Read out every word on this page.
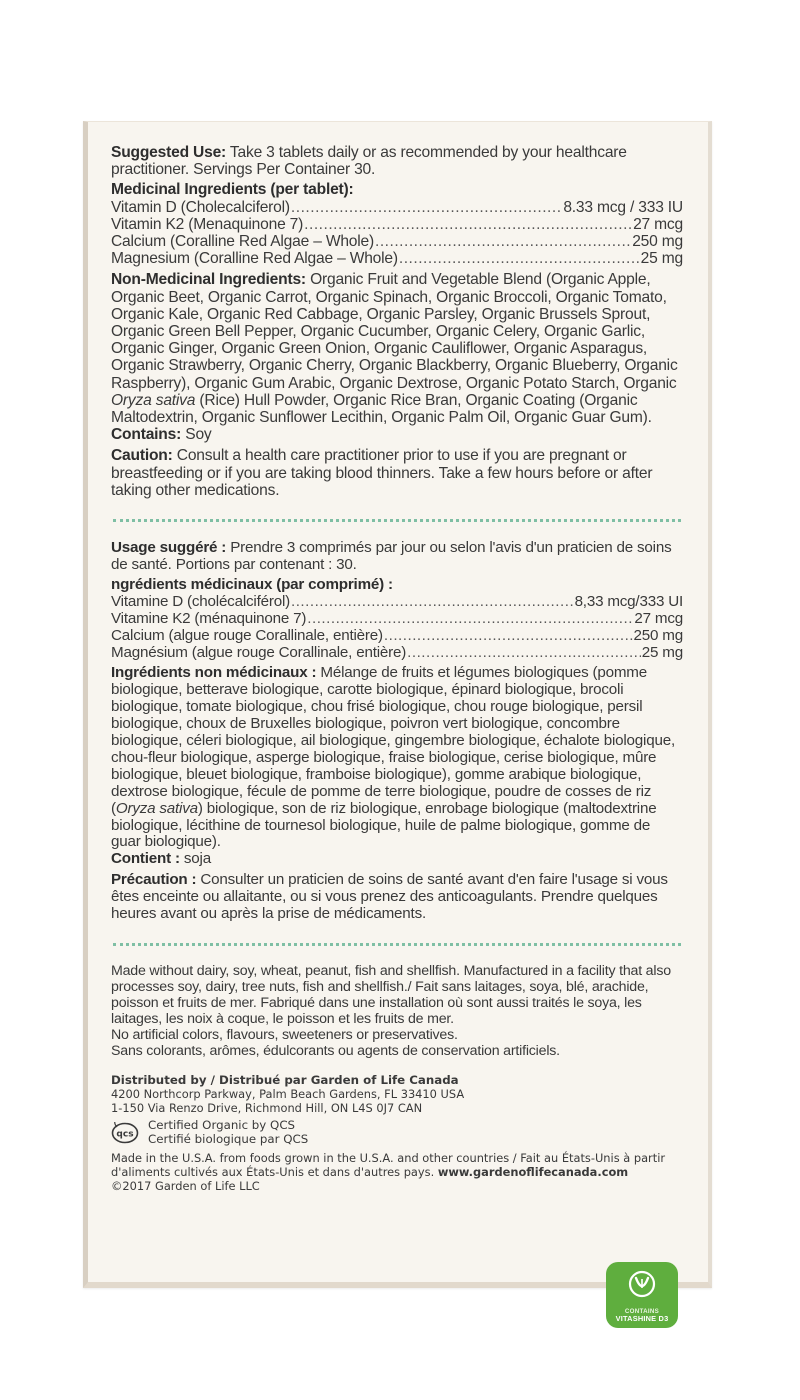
Suggested Use: Take 3 tablets daily or as recommended by your healthcare practitioner. Servings Per Container 30.

Medicinal Ingredients (per tablet):

Vitamin D (Cholecalciferol) .....	8.33 mcg / 333 IU
Vitamin K2 (Menaquinone 7) .....	27 mcg
Calcium (Coralline Red Algae – Whole) .....	250 mg
Magnesium (Coralline Red Algae – Whole) .....	25 mg

Non-Medicinal Ingredients: Organic Fruit and Vegetable Blend (Organic Apple, Organic Beet, Organic Carrot, Organic Spinach, Organic Broccoli, Organic Tomato, Organic Kale, Organic Red Cabbage, Organic Parsley, Organic Brussels Sprout, Organic Green Bell Pepper, Organic Cucumber, Organic Celery, Organic Garlic, Organic Ginger, Organic Green Onion, Organic Cauliflower, Organic Asparagus, Organic Strawberry, Organic Cherry, Organic Blackberry, Organic Blueberry, Organic Raspberry), Organic Gum Arabic, Organic Dextrose, Organic Potato Starch, Organic Oryza sativa (Rice) Hull Powder, Organic Rice Bran, Organic Coating (Organic Maltodextrin, Organic Sunflower Lecithin, Organic Palm Oil, Organic Guar Gum). Contains: Soy

Caution: Consult a health care practitioner prior to use if you are pregnant or breastfeeding or if you are taking blood thinners. Take a few hours before or after taking other medications.

Usage suggéré : Prendre 3 comprimés par jour ou selon l'avis d'un praticien de soins de santé. Portions par contenant : 30.

ngrédients médicinaux (par comprimé) :

Vitamine D (cholécalciférol) .....	8,33 mcg/333 UI
Vitamine K2 (ménaquinone 7) .....	27 mcg
Calcium (algue rouge Corallinale, entière) .....	250 mg
Magnésium (algue rouge Corallinale, entière) .....	25 mg

Ingrédients non médicinaux : Mélange de fruits et légumes biologiques (pomme biologique, betterave biologique, carotte biologique, épinard biologique, brocoli biologique, tomate biologique, chou frisé biologique, chou rouge biologique, persil biologique, choux de Bruxelles biologique, poivron vert biologique, concombre biologique, céleri biologique, ail biologique, gingembre biologique, échalote biologique, chou-fleur biologique, asperge biologique, fraise biologique, cerise biologique, mûre biologique, bleuet biologique, framboise biologique), gomme arabique biologique, dextrose biologique, fécule de pomme de terre biologique, poudre de cosses de riz (Oryza sativa) biologique, son de riz biologique, enrobage biologique (maltodextrine biologique, lécithine de tournesol biologique, huile de palme biologique, gomme de guar biologique).

Contient : soja

Précaution : Consulter un praticien de soins de santé avant d'en faire l'usage si vous êtes enceinte ou allaitante, ou si vous prenez des anticoagulants. Prendre quelques heures avant ou après la prise de médicaments.

Made without dairy, soy, wheat, peanut, fish and shellfish. Manufactured in a facility that also processes soy, dairy, tree nuts, fish and shellfish./ Fait sans laitages, soya, blé, arachide, poisson et fruits de mer. Fabriqué dans une installation où sont aussi traités le soya, les laitages, les noix à coque, le poisson et les fruits de mer.

No artificial colors, flavours, sweeteners or preservatives.

Sans colorants, arômes, édulcorants ou agents de conservation artificiels.

Distributed by / Distribué par Garden of Life Canada

4200 Northcorp Parkway, Palm Beach Gardens, FL 33410 USA

1-150 Via Renzo Drive, Richmond Hill, ON L4S 0J7 CAN

qcs

Certified Organic by QCS

Certifié biologique par QCS

Made in the U.S.A. from foods grown in the U.S.A. and other countries / Fait au États-Unis à partir d'aliments cultivés aux États-Unis et dans d'autres pays. www.gardenoflifecanada.com

©2017 Garden of Life LLC

CONTAINS
VITASHINE D3
